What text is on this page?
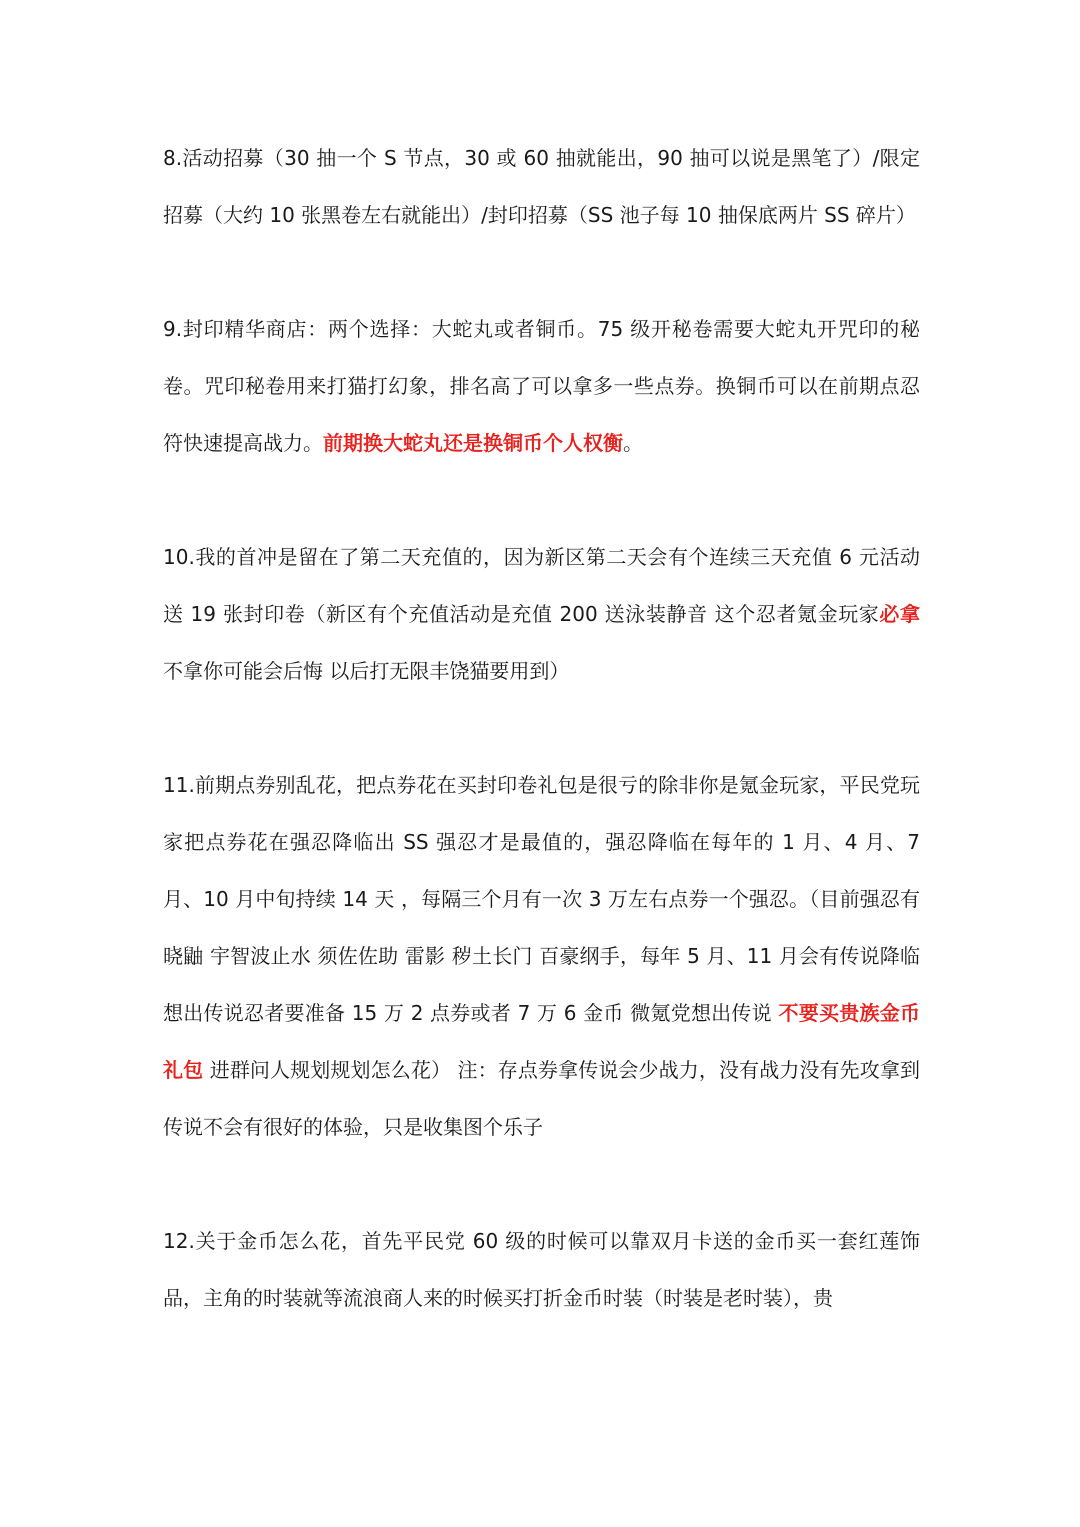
8.活动招募（30 抽一个 S 节点，30 或 60 抽就能出，90 抽可以说是黑笔了）/限定招募（大约 10 张黑卷左右就能出）/封印招募（SS 池子每 10 抽保底两片 SS 碎片）

9.封印精华商店：两个选择：大蛇丸或者铜币。75 级开秘卷需要大蛇丸开咒印的秘卷。咒印秘卷用来打猫打幻象，排名高了可以拿多一些点券。换铜币可以在前期点忍符快速提高战力。前期换大蛇丸还是换铜币个人权衡。

10.我的首冲是留在了第二天充值的，因为新区第二天会有个连续三天充值 6 元活动送 19 张封印卷（新区有个充值活动是充值 200 送泳装静音 这个忍者氪金玩家必拿 不拿你可能会后悔 以后打无限丰饶猫要用到）

11.前期点券别乱花，把点券花在买封印卷礼包是很亏的除非你是氪金玩家，平民党玩家把点券花在强忍降临出 SS 强忍才是最值的，强忍降临在每年的 1 月、4 月、7 月、10 月中旬持续 14 天 ，每隔三个月有一次 3 万左右点券一个强忍。（目前强忍有晓鼬 宇智波止水 须佐佐助 雷影 秽土长门 百豪纲手，每年 5 月、11 月会有传说降临 想出传说忍者要准备 15 万 2 点券或者 7 万 6 金币 微氪党想出传说 不要买贵族金币礼包 进群问人规划规划怎么花） 注：存点券拿传说会少战力，没有战力没有先攻拿到传说不会有很好的体验，只是收集图个乐子

12.关于金币怎么花，首先平民党 60 级的时候可以靠双月卡送的金币买一套红莲饰品，主角的时装就等流浪商人来的时候买打折金币时装（时装是老时装），贵
